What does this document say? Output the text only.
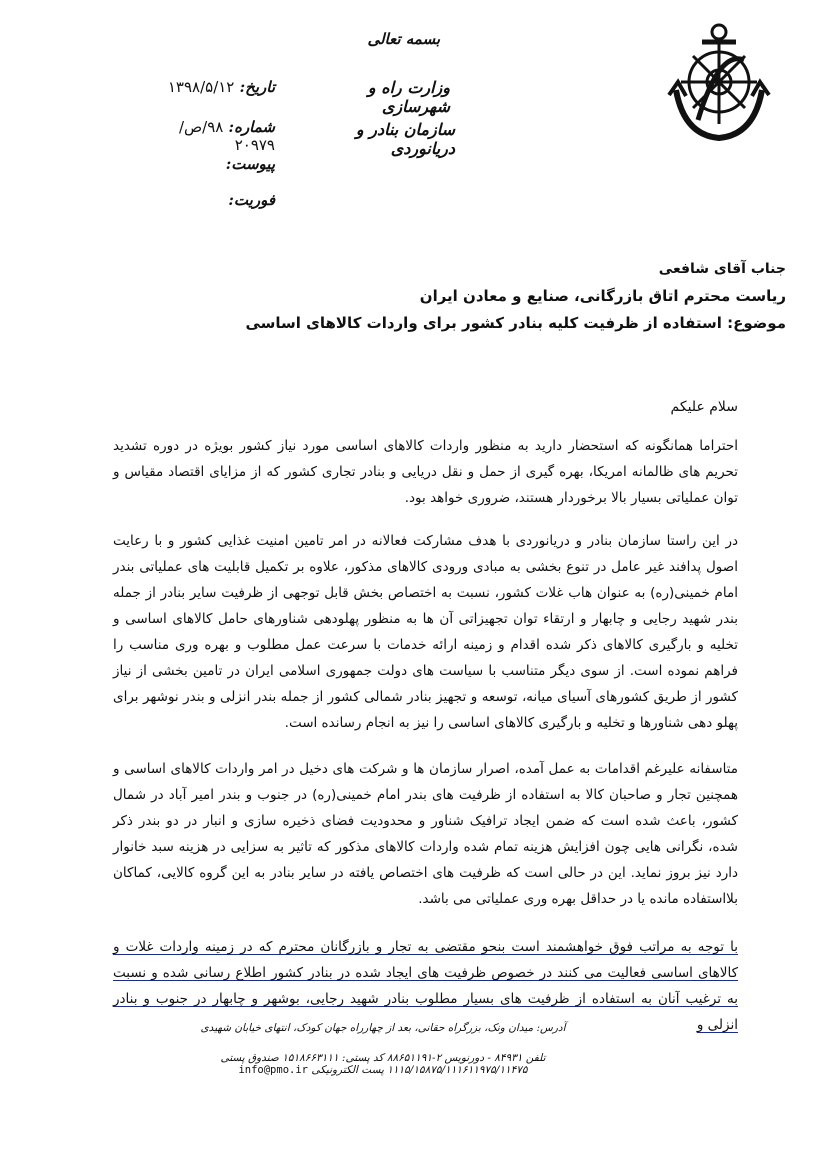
بسمه تعالی
وزارت راه و شهرسازی
سازمان بنادر و دریانوردی
تاریخ: ۱۳۹۸/۵/۱۲
شماره: ۹۸/ص/۲۰۹۷۹
پیوست:
فوریت:
جناب آقای شافعی
ریاست محترم اتاق بازرگانی، صنایع و معادن ایران
موضوع: استفاده از ظرفیت کلیه بنادر کشور برای واردات کالاهای اساسی
سلام علیکم
احتراما همانگونه که استحضار دارید به منظور واردات کالاهای اساسی مورد نیاز کشور بویژه در دوره تشدید تحریم های ظالمانه امریکا، بهره گیری از حمل و نقل دریایی و بنادر تجاری کشور که از مزایای اقتصاد مقیاس و توان عملیاتی بسیار بالا برخوردار هستند، ضروری خواهد بود.
در این راستا سازمان بنادر و دریانوردی با هدف مشارکت فعالانه در امر تامین امنیت غذایی کشور و با رعایت اصول پدافند غیر عامل در تنوع بخشی به مبادی ورودی کالاهای مذکور، علاوه بر تکمیل قابلیت های عملیاتی بندر امام خمینی(ره) به عنوان هاب غلات کشور، نسبت به اختصاص بخش قابل توجهی از ظرفیت سایر بنادر از جمله بندر شهید رجایی و چابهار و ارتقاء توان تجهیزاتی آن ها به منظور پهلودهی شناورهای حامل کالاهای اساسی و تخلیه و بارگیری کالاهای ذکر شده اقدام و زمینه ارائه خدمات با سرعت عمل مطلوب و بهره وری مناسب را فراهم نموده است. از سوی دیگر متناسب با سیاست های دولت جمهوری اسلامی ایران در تامین بخشی از نیاز کشور از طریق کشورهای آسیای میانه، توسعه و تجهیز بنادر شمالی کشور از جمله بندر انزلی و بندر نوشهر برای پهلو دهی شناورها و تخلیه و بارگیری کالاهای اساسی را نیز به انجام رسانده است.
متاسفانه علیرغم اقدامات به عمل آمده، اصرار سازمان ها و شرکت های دخیل در امر واردات کالاهای اساسی و همچنین تجار و صاحبان کالا به استفاده از ظرفیت های بندر امام خمینی(ره) در جنوب و بندر امیر آباد در شمال کشور، باعث شده است که ضمن ایجاد ترافیک شناور و محدودیت فضای ذخیره سازی و انبار در دو بندر ذکر شده، نگرانی هایی چون افزایش هزینه تمام شده واردات کالاهای مذکور که تاثیر به سزایی در هزینه سبد خانوار دارد نیز بروز نماید. این در حالی است که ظرفیت های اختصاص یافته در سایر بنادر به این گروه کالایی، کماکان بلااستفاده مانده یا در حداقل بهره وری عملیاتی می باشد.
با توجه به مراتب فوق خواهشمند است بنحو مقتضی به تجار و بازرگانان محترم که در زمینه واردات غلات و کالاهای اساسی فعالیت می کنند در خصوص ظرفیت های ایجاد شده در بنادر کشور اطلاع رسانی شده و نسبت به ترغیب آنان به استفاده از ظرفیت های بسیار مطلوب بنادر شهید رجایی، بوشهر و چابهار در جنوب و بنادر انزلی و
آدرس: میدان ونک، بزرگراه حقانی، بعد از چهارراه جهان کودک، انتهای خیابان شهیدی
تلفن ۸۴۹۳۱ - دورنویس ۲-۸۸۶۵۱۱۹۱ کد پستی: ۱۵۱۸۶۶۳۱۱۱ صندوق پستی ۱۱۱۵/۱۵۸۷۵/۱۱۱۶۱۱۹۷۵/۱۱۴۷۵ پست الکترونیکی info@pmo.ir
